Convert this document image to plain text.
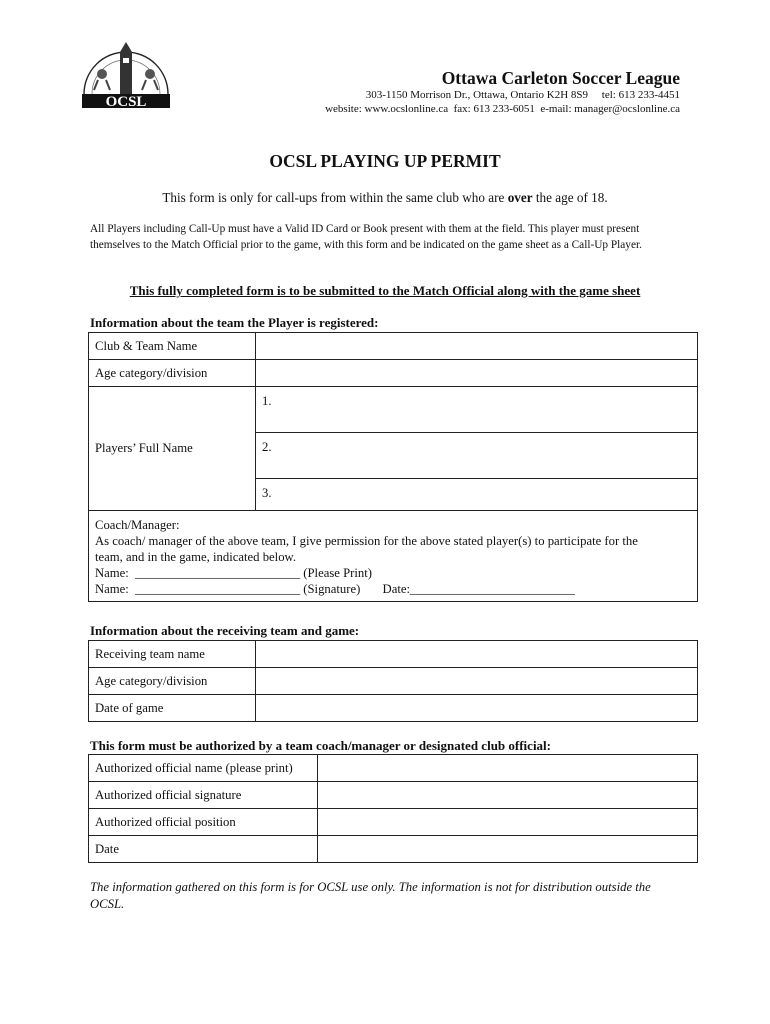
OCSL
Ottawa Carleton Soccer League
303-1150 Morrison Dr., Ottawa, Ontario K2H 8S9     tel: 613 233-4451
website: www.ocslonline.ca  fax: 613 233-6051  e-mail: manager@ocslonline.ca
OCSL PLAYING UP PERMIT
This form is only for call-ups from within the same club who are over the age of 18.
All Players including Call-Up must have a Valid ID Card or Book present with them at the field. This player must present themselves to the Match Official prior to the game, with this form and be indicated on the game sheet as a Call-Up Player.
This fully completed form is to be submitted to the Match Official along with the game sheet
Information about the team the Player is registered:
Club & Team Name	
Age category/division	
Players’ Full Name	1.
	2.
	3.

Coach/Manager:
As coach/ manager of the above team, I give permission for the above stated player(s) to participate for the
team, and in the game, indicated below.
Name:  __________________________ (Please Print)
Name:  __________________________ (Signature)       Date:__________________________	
Information about the receiving team and game:
Receiving team name	
Age category/division	
Date of game	
This form must be authorized by a team coach/manager or designated club official:
Authorized official name (please print)	
Authorized official signature	
Authorized official position	
Date	
The information gathered on this form is for OCSL use only. The information is not for distribution outside the OCSL.
